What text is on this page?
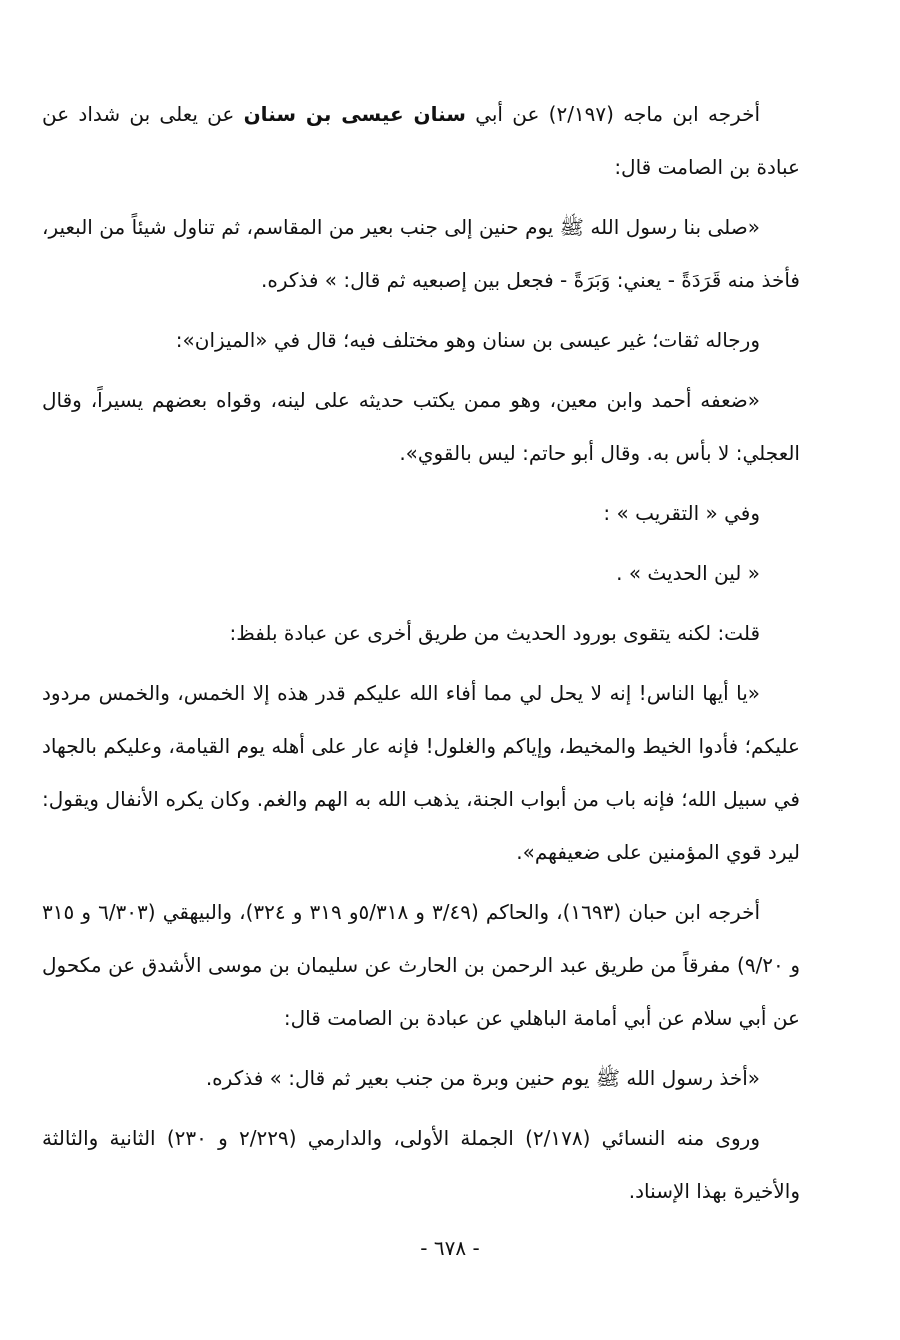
أخرجه ابن ماجه (٢/١٩٧) عن أبي سنان عيسى بن سنان عن يعلى بن شداد عن عبادة بن الصامت قال:

«صلى بنا رسول الله ﷺ يوم حنين إلى جنب بعير من المقاسم، ثم تناول شيئاً من البعير، فأخذ منه قَرَدَةً - يعني: وَبَرَةً - فجعل بين إصبعيه ثم قال: » فذكره.

ورجاله ثقات؛ غير عيسى بن سنان وهو مختلف فيه؛ قال في «الميزان»:

«ضعفه أحمد وابن معين، وهو ممن يكتب حديثه على لينه، وقواه بعضهم يسيراً، وقال العجلي: لا بأس به. وقال أبو حاتم: ليس بالقوي».

وفي « التقريب » :

« لين الحديث » .

قلت: لكنه يتقوى بورود الحديث من طريق أخرى عن عبادة بلفظ:

«يا أيها الناس! إنه لا يحل لي مما أفاء الله عليكم قدر هذه إلا الخمس، والخمس مردود عليكم؛ فأدوا الخيط والمخيط، وإياكم والغلول! فإنه عار على أهله يوم القيامة، وعليكم بالجهاد في سبيل الله؛ فإنه باب من أبواب الجنة، يذهب الله به الهم والغم. وكان يكره الأنفال ويقول: ليرد قوي المؤمنين على ضعيفهم».

أخرجه ابن حبان (١٦٩٣)، والحاكم (٣/٤٩ و ٥/٣١٨و ٣١٩ و ٣٢٤)، والبيهقي (٦/٣٠٣ و ٣١٥ و ٩/٢٠) مفرقاً من طريق عبد الرحمن بن الحارث عن سليمان بن موسى الأشدق عن مكحول عن أبي سلام عن أبي أمامة الباهلي عن عبادة بن الصامت قال:

«أخذ رسول الله ﷺ يوم حنين وبرة من جنب بعير ثم قال: » فذكره.

وروى منه النسائي (٢/١٧٨) الجملة الأولى، والدارمي (٢/٢٢٩ و ٢٣٠) الثانية والثالثة والأخيرة بهذا الإسناد.

- ٦٧٨ -
